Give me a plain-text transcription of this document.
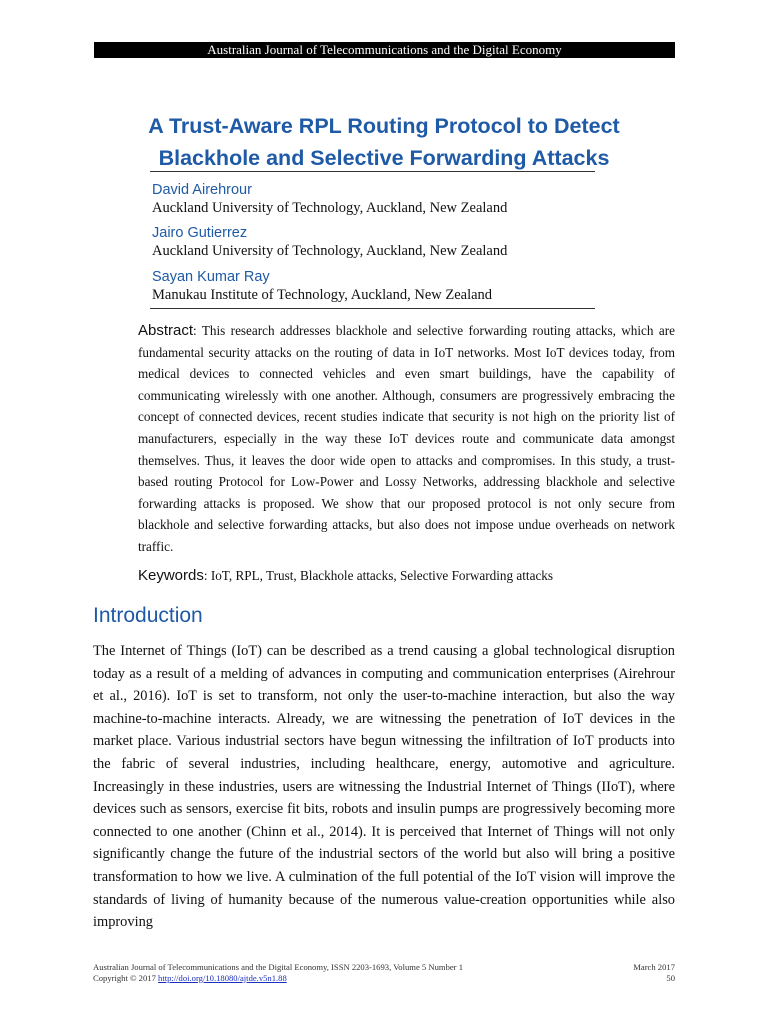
Australian Journal of Telecommunications and the Digital Economy
A Trust-Aware RPL Routing Protocol to Detect
Blackhole and Selective Forwarding Attacks
David Airehrour
Auckland University of Technology, Auckland, New Zealand
Jairo Gutierrez
Auckland University of Technology, Auckland, New Zealand
Sayan Kumar Ray
Manukau Institute of Technology, Auckland, New Zealand
Abstract: This research addresses blackhole and selective forwarding routing attacks, which are fundamental security attacks on the routing of data in IoT networks. Most IoT devices today, from medical devices to connected vehicles and even smart buildings, have the capability of communicating wirelessly with one another. Although, consumers are progressively embracing the concept of connected devices, recent studies indicate that security is not high on the priority list of manufacturers, especially in the way these IoT devices route and communicate data amongst themselves. Thus, it leaves the door wide open to attacks and compromises. In this study, a trust-based routing Protocol for Low-Power and Lossy Networks, addressing blackhole and selective forwarding attacks is proposed. We show that our proposed protocol is not only secure from blackhole and selective forwarding attacks, but also does not impose undue overheads on network traffic.
Keywords: IoT, RPL, Trust, Blackhole attacks, Selective Forwarding attacks
Introduction
The Internet of Things (IoT) can be described as a trend causing a global technological disruption today as a result of a melding of advances in computing and communication enterprises (Airehrour et al., 2016). IoT is set to transform, not only the user-to-machine interaction, but also the way machine-to-machine interacts. Already, we are witnessing the penetration of IoT devices in the market place. Various industrial sectors have begun witnessing the infiltration of IoT products into the fabric of several industries, including healthcare, energy, automotive and agriculture. Increasingly in these industries, users are witnessing the Industrial Internet of Things (IIoT), where devices such as sensors, exercise fit bits, robots and insulin pumps are progressively becoming more connected to one another (Chinn et al., 2014). It is perceived that Internet of Things will not only significantly change the future of the industrial sectors of the world but also will bring a positive transformation to how we live. A culmination of the full potential of the IoT vision will improve the standards of living of humanity because of the numerous value-creation opportunities while also improving
Australian Journal of Telecommunications and the Digital Economy, ISSN 2203-1693, Volume 5 Number 1
Copyright © 2017 http://doi.org/10.18080/ajtde.v5n1.88
March 2017
50
